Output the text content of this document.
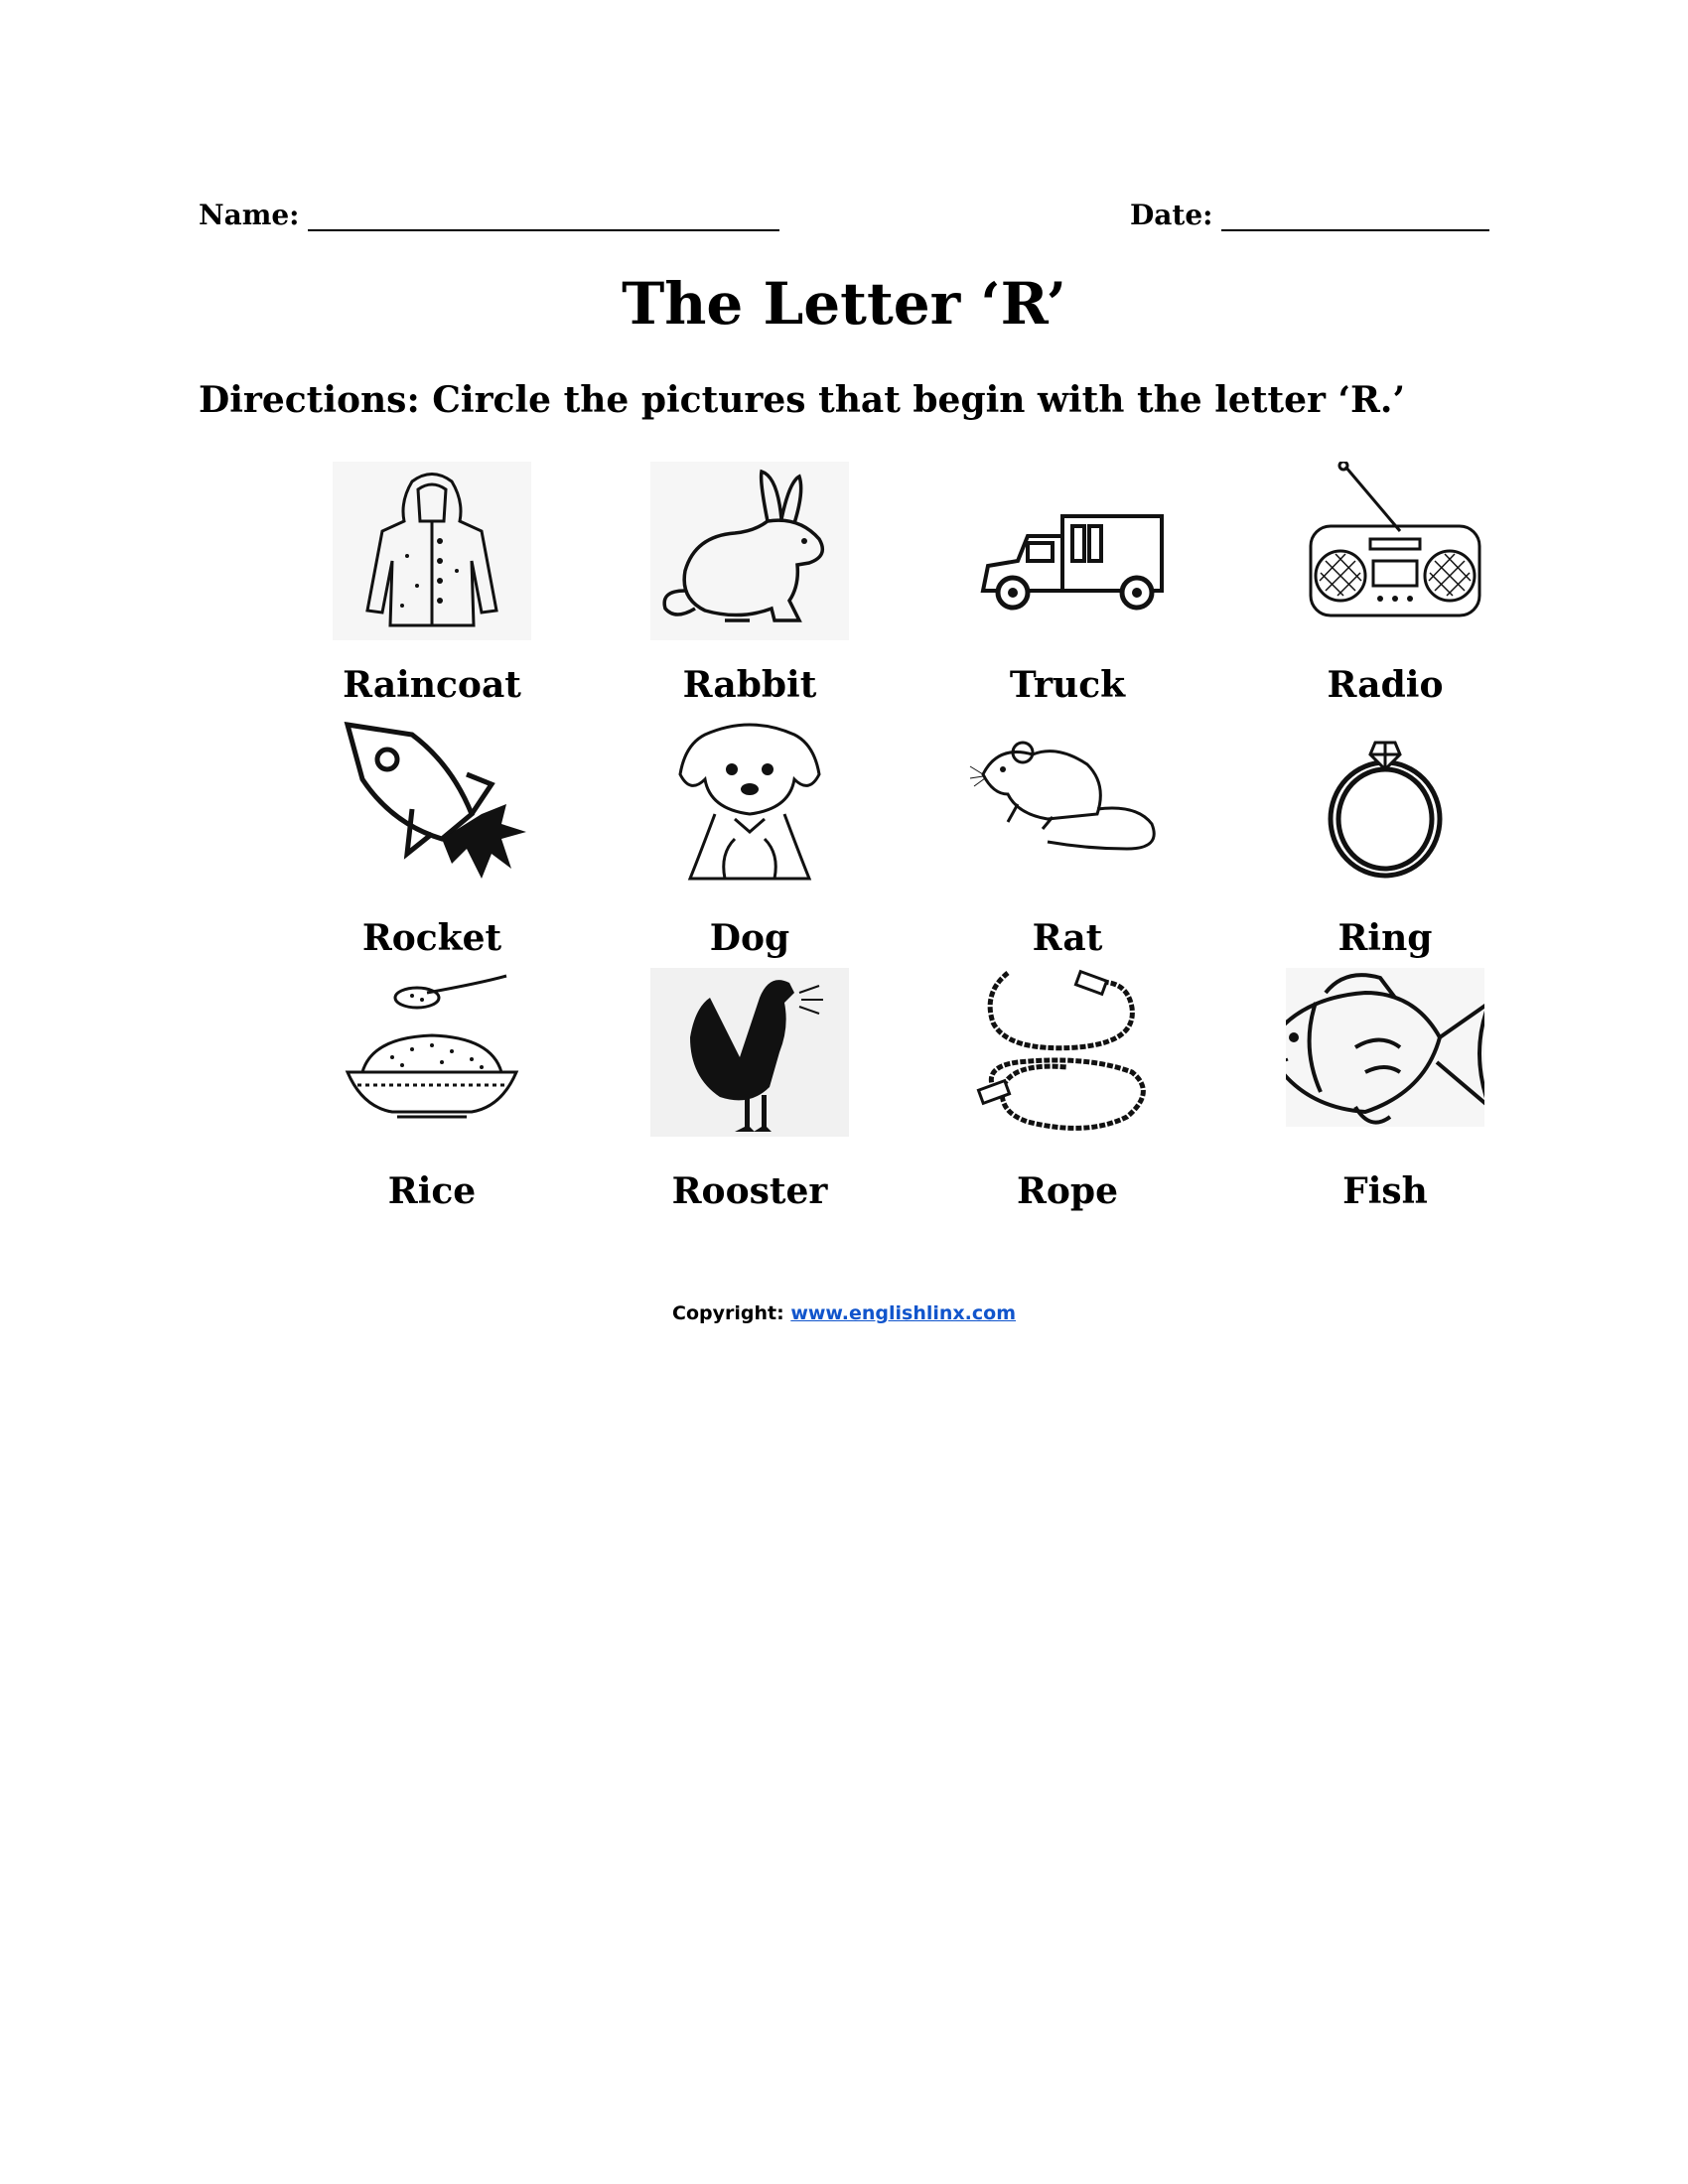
Name:	Date:
The Letter ‘R’

Directions: Circle the pictures that begin with the letter ‘R.’

Raincoat	Rabbit	Truck	Radio
Rocket	Dog	Rat	Ring
Rice	Rooster	Rope	Fish
Copyright: www.englishlinx.com
